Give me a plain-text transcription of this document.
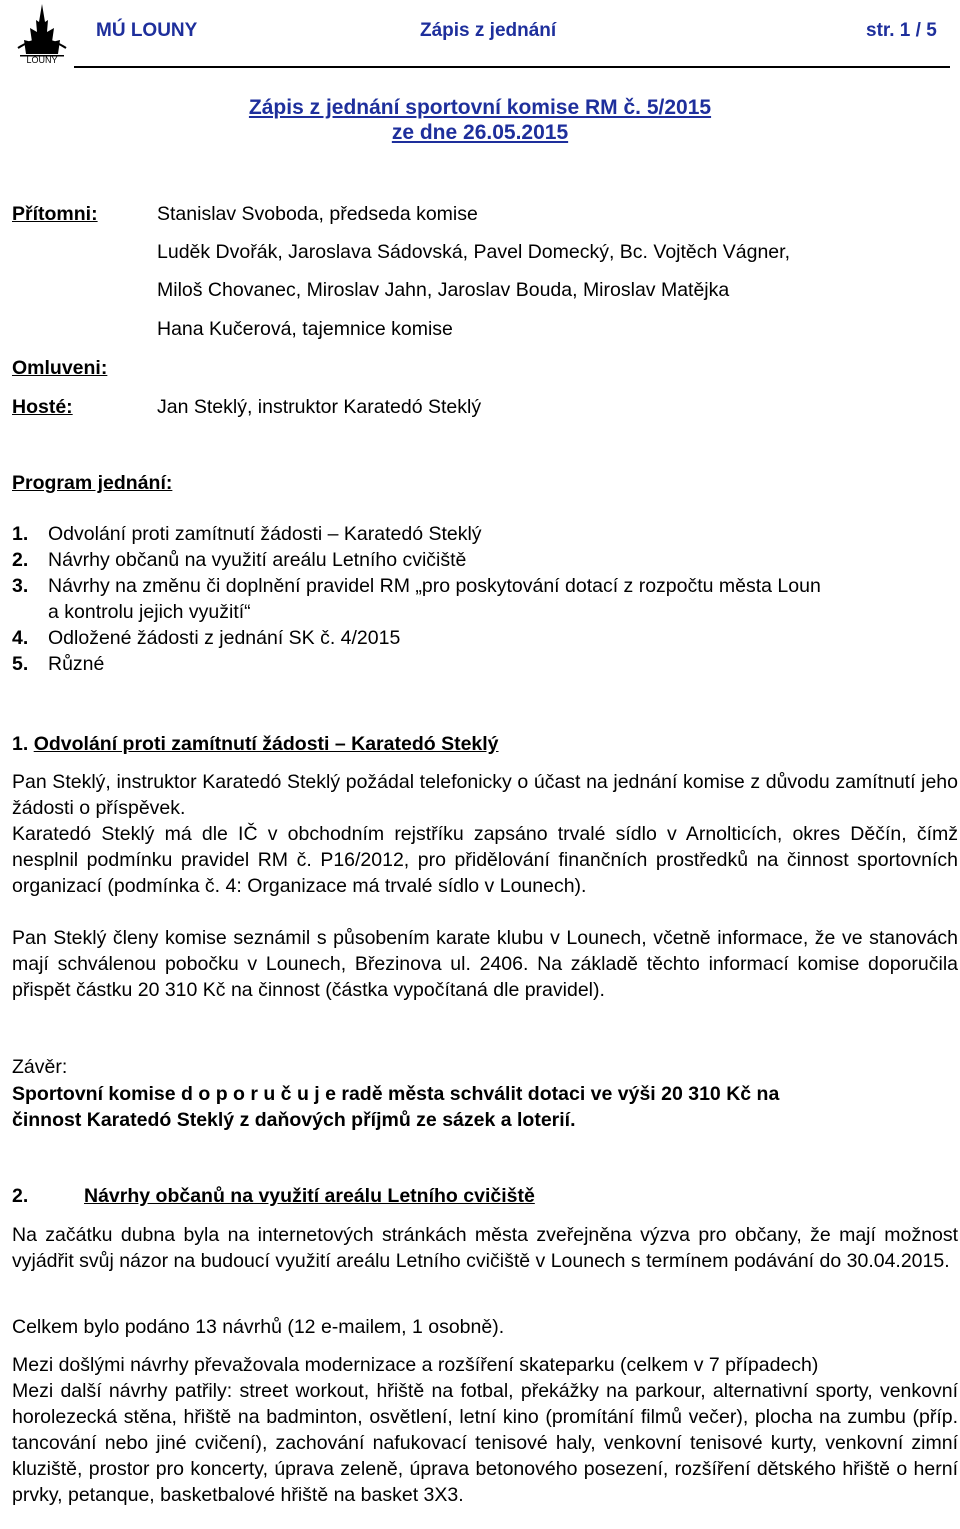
LOUNY
MÚ LOUNY	Zápis z jednání	str. 1 / 5
Zápis z jednání sportovní komise RM č. 5/2015
ze dne 26.05.2015
Přítomni:	Stanislav Svoboda, předseda komise
Luděk Dvořák, Jaroslava Sádovská, Pavel Domecký, Bc. Vojtěch Vágner,
Miloš Chovanec, Miroslav Jahn, Jaroslav Bouda, Miroslav Matějka
Hana Kučerová, tajemnice komise
Omluveni:
Hosté:	Jan Steklý, instruktor Karatedó Steklý
Program jednání:
1. Odvolání proti zamítnutí žádosti – Karatedó Steklý
2. Návrhy občanů na využití areálu Letního cvičiště
3. Návrhy na změnu či doplnění pravidel RM „pro poskytování dotací z rozpočtu města Loun
a kontrolu jejich využití“
4. Odložené žádosti z jednání SK č. 4/2015
5. Různé
1. Odvolání proti zamítnutí žádosti – Karatedó Steklý
Pan Steklý, instruktor Karatedó Steklý požádal telefonicky o účast na jednání komise z důvodu zamítnutí jeho žádosti o příspěvek.
Karatedó Steklý má dle IČ v obchodním rejstříku zapsáno trvalé sídlo v Arnolticích, okres Děčín, čímž nesplnil podmínku pravidel RM č. P16/2012, pro přidělování finančních prostředků na činnost sportovních organizací (podmínka č. 4: Organizace má trvalé sídlo v Lounech).
Pan Steklý členy komise seznámil s působením karate klubu v Lounech, včetně informace, že ve stanovách mají schválenou pobočku v Lounech, Březinova ul. 2406. Na základě těchto informací komise doporučila přispět částku 20 310 Kč na činnost (částka vypočítaná dle pravidel).
Závěr:
Sportovní komise d o p o r u č u j e radě města schválit dotaci ve výši 20 310 Kč na
činnost Karatedó Steklý z daňových příjmů ze sázek a loterií.
2.	Návrhy občanů na využití areálu Letního cvičiště
Na začátku dubna byla na internetových stránkách města zveřejněna výzva pro občany, že mají možnost vyjádřit svůj názor na budoucí využití areálu Letního cvičiště v Lounech s termínem podávání do 30.04.2015.
Celkem bylo podáno 13 návrhů (12 e-mailem, 1 osobně).
Mezi došlými návrhy převažovala modernizace a rozšíření skateparku (celkem v 7 případech)
Mezi další návrhy patřily: street workout, hřiště na fotbal, překážky na parkour, alternativní sporty, venkovní horolezecká stěna, hřiště na badminton, osvětlení, letní kino (promítání filmů večer), plocha na zumbu (příp. tancování nebo jiné cvičení), zachování nafukovací tenisové haly, venkovní tenisové kurty, venkovní zimní kluziště, prostor pro koncerty, úprava zeleně, úprava betonového posezení, rozšíření dětského hřiště o herní prvky, petanque, basketbalové hřiště na basket 3X3.
